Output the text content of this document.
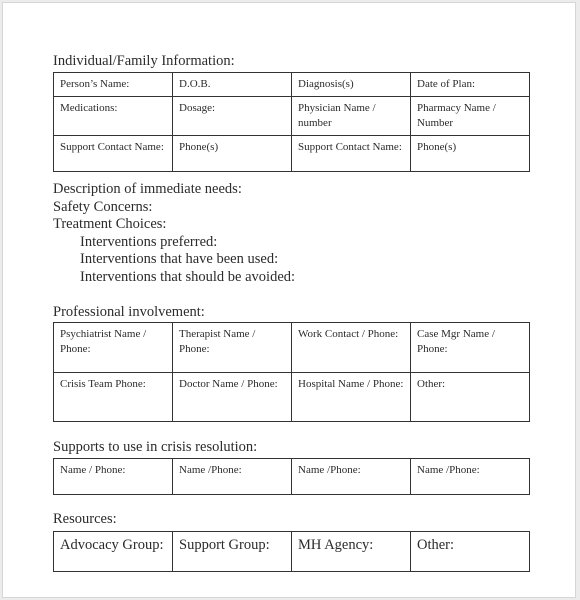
Individual/Family Information:
Person’s Name:	D.O.B.	Diagnosis(s)	Date of Plan:
Medications:	Dosage:	Physician Name / number	Pharmacy Name / Number
Support Contact Name:	Phone(s)	Support Contact Name:	Phone(s)
Description of immediate needs:
Safety Concerns:
Treatment Choices:
Interventions preferred:
Interventions that have been used:
Interventions that should be avoided:
Professional involvement:
Psychiatrist Name / Phone:	Therapist Name / Phone:	Work Contact / Phone:	Case Mgr Name / Phone:
Crisis Team Phone:	Doctor Name / Phone:	Hospital Name / Phone:	Other:
Supports to use in crisis resolution:
Name / Phone:	Name /Phone:	Name /Phone:	Name /Phone:
Resources:
Advocacy Group:	Support Group:	MH Agency:	Other:
